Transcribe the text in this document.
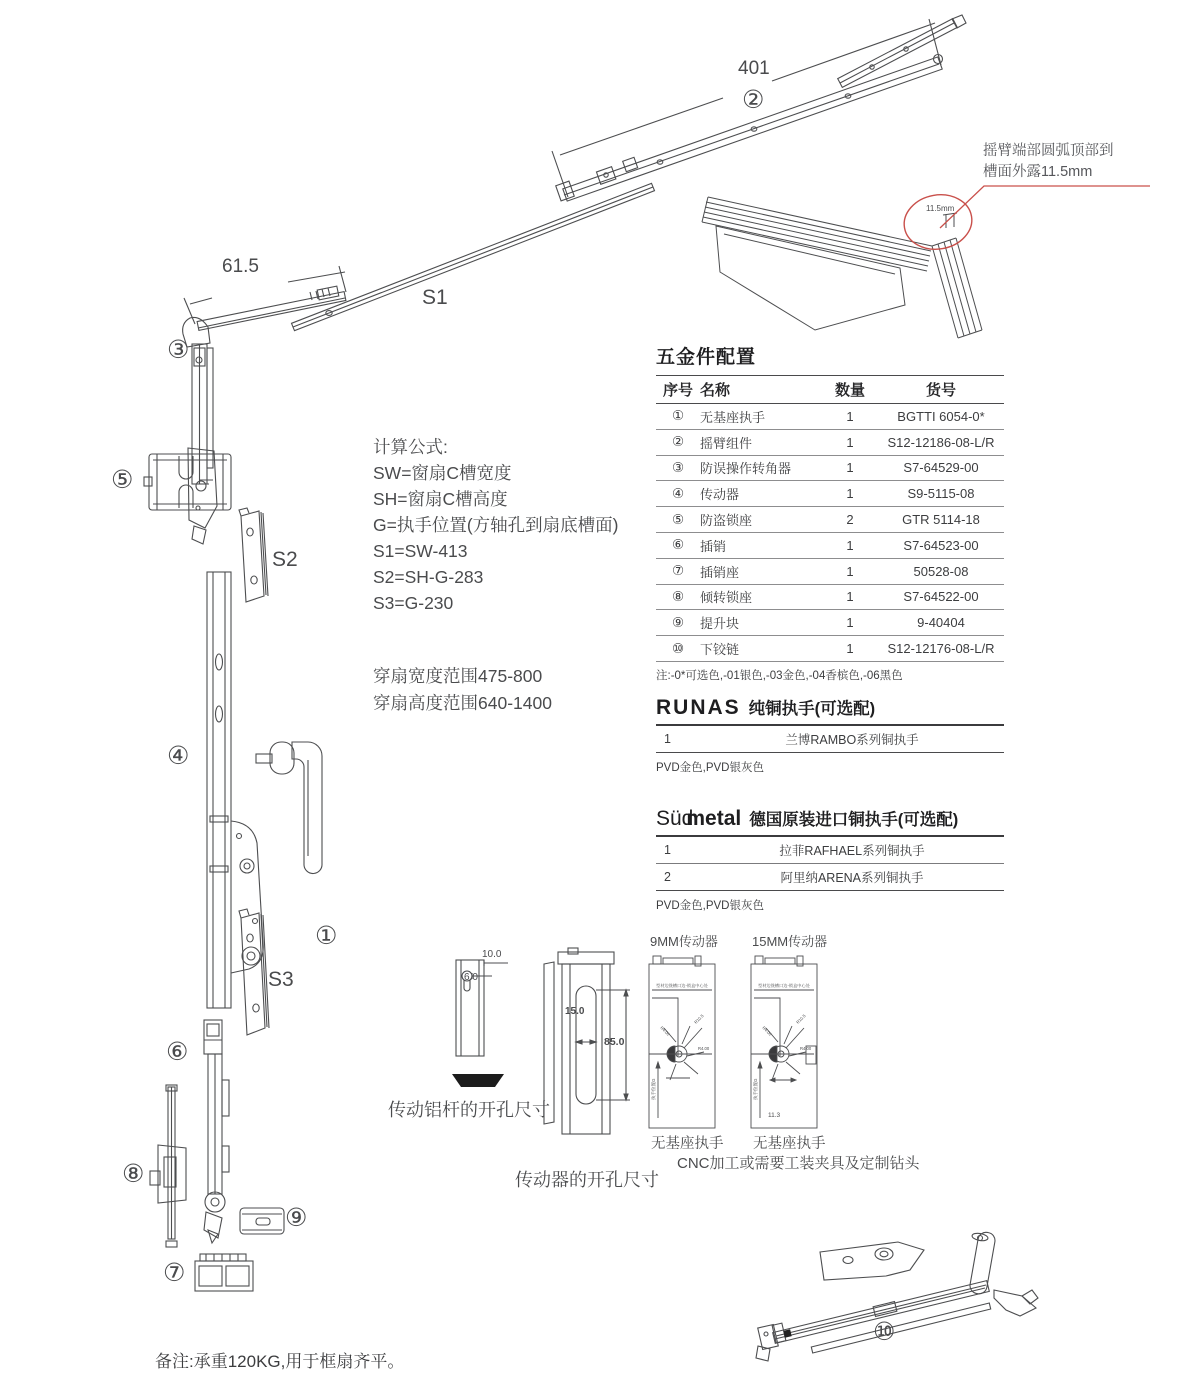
401
②
11.5mm
摇臂端部圆弧顶部到
槽面外露11.5mm
61.5
③
S1
⑤
S2
④
①
S3
⑥
⑧
⑨
⑦
计算公式:
SW=窗扇C槽宽度
SH=窗扇C槽高度
G=执手位置(方轴孔到扇底槽面)
S1=SW-413
S2=SH-G-283
S3=G-230
穿扇宽度范围475-800
穿扇高度范围640-1400
五金件配置
序号 名称	数量	货号
①	无基座执手	1	BGTTI 6054-0*
②	摇臂组件	1	S12-12186-08-L/R
③	防误操作转角器	1	S7-64529-00
④	传动器	1	S9-5115-08
⑤	防盗锁座	2	GTR 5114-18
⑥	插销	1	S7-64523-00
⑦	插销座	1	50528-08
⑧	倾转锁座	1	S7-64522-00
⑨	提升块	1	9-40404
⑩	下铰链	1	S12-12176-08-L/R
注:-0*可选色,-01银色,-03金色,-04香槟色,-06黑色
RUNAS 纯铜执手(可选配)
1	兰博RAMBO系列铜执手
PVD金色,PVD银灰色
Südmetal 德国原装进口铜执手(可选配)
1	拉菲RAFHAEL系列铜执手
2	阿里纳ARENA系列铜执手
PVD金色,PVD银灰色
10.0
6.0
传动铝杆的开孔尺寸
15.0
85.0
传动器的开孔尺寸
9MM传动器
型材边铣槽口边-锁盒中心处
R10.5
R4.00
R4.00
执手位置G
无基座执手
15MM传动器
型材边铣槽口边-锁盒中心处
R10.5
R4.00
R4.00
执手位置G
11.3
无基座执手
CNC加工或需要工装夹具及定制钻头
⑩
备注:承重120KG,用于框扇齐平。
